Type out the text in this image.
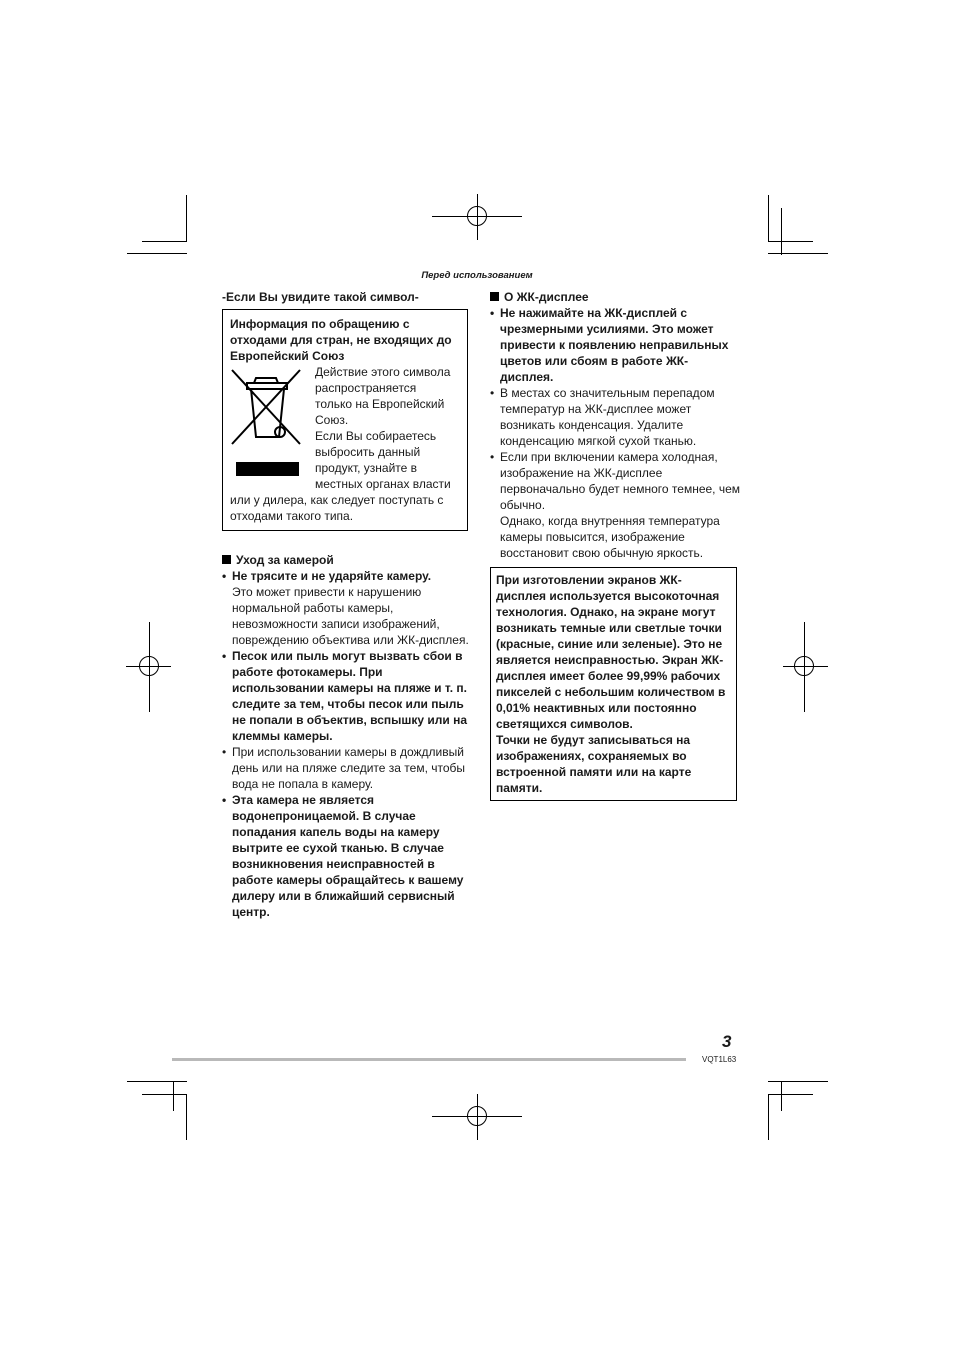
Перед использованием
-Если Вы увидите такой символ-
Информация по обращению с отходами для стран, не входящих до Европейский Союз
Действие этого символа
распространяется
только на Европейский
Союз.
Если Вы собираетесь
выбросить данный
продукт, узнайте в
местных органах власти
или у дилера, как следует поступать с отходами такого типа.
Уход за камерой
• Не трясите и не ударяйте камеру.
Это может привести к нарушению нормальной работы камеры, невозможности записи изображений, повреждению объектива или ЖК-дисплея.
• Песок или пыль могут вызвать сбои в работе фотокамеры. При использовании камеры на пляже и т. п. следите за тем, чтобы песок или пыль не попали в объектив, вспышку или на клеммы камеры.
• При использовании камеры в дождливый день или на пляже следите за тем, чтобы вода не попала в камеру.
• Эта камера не является водонепроницаемой. В случае попадания капель воды на камеру вытрите ее сухой тканью. В случае возникновения неисправностей в работе камеры обращайтесь к вашему дилеру или в ближайший сервисный центр.
О ЖК-дисплее
• Не нажимайте на ЖК-дисплей с чрезмерными усилиями. Это может привести к появлению неправильных цветов или сбоям в работе ЖК-дисплея.
• В местах со значительным перепадом температур на ЖК-дисплее может возникать конденсация. Удалите конденсацию мягкой сухой тканью.
• Если при включении камера холодная, изображение на ЖК-дисплее первоначально будет немного темнее, чем обычно.
Однако, когда внутренняя температура камеры повысится, изображение восстановит свою обычную яркость.
При изготовлении экранов ЖК-дисплея используется высокоточная технология. Однако, на экране могут возникать темные или светлые точки (красные, синие или зеленые). Это не является неисправностью. Экран ЖК-дисплея имеет более 99,99% рабочих пикселей с небольшим количеством в 0,01% неактивных или постоянно светящихся символов.
Точки не будут записываться на изображениях, сохраняемых во встроенной памяти или на карте памяти.
3
VQT1L63
